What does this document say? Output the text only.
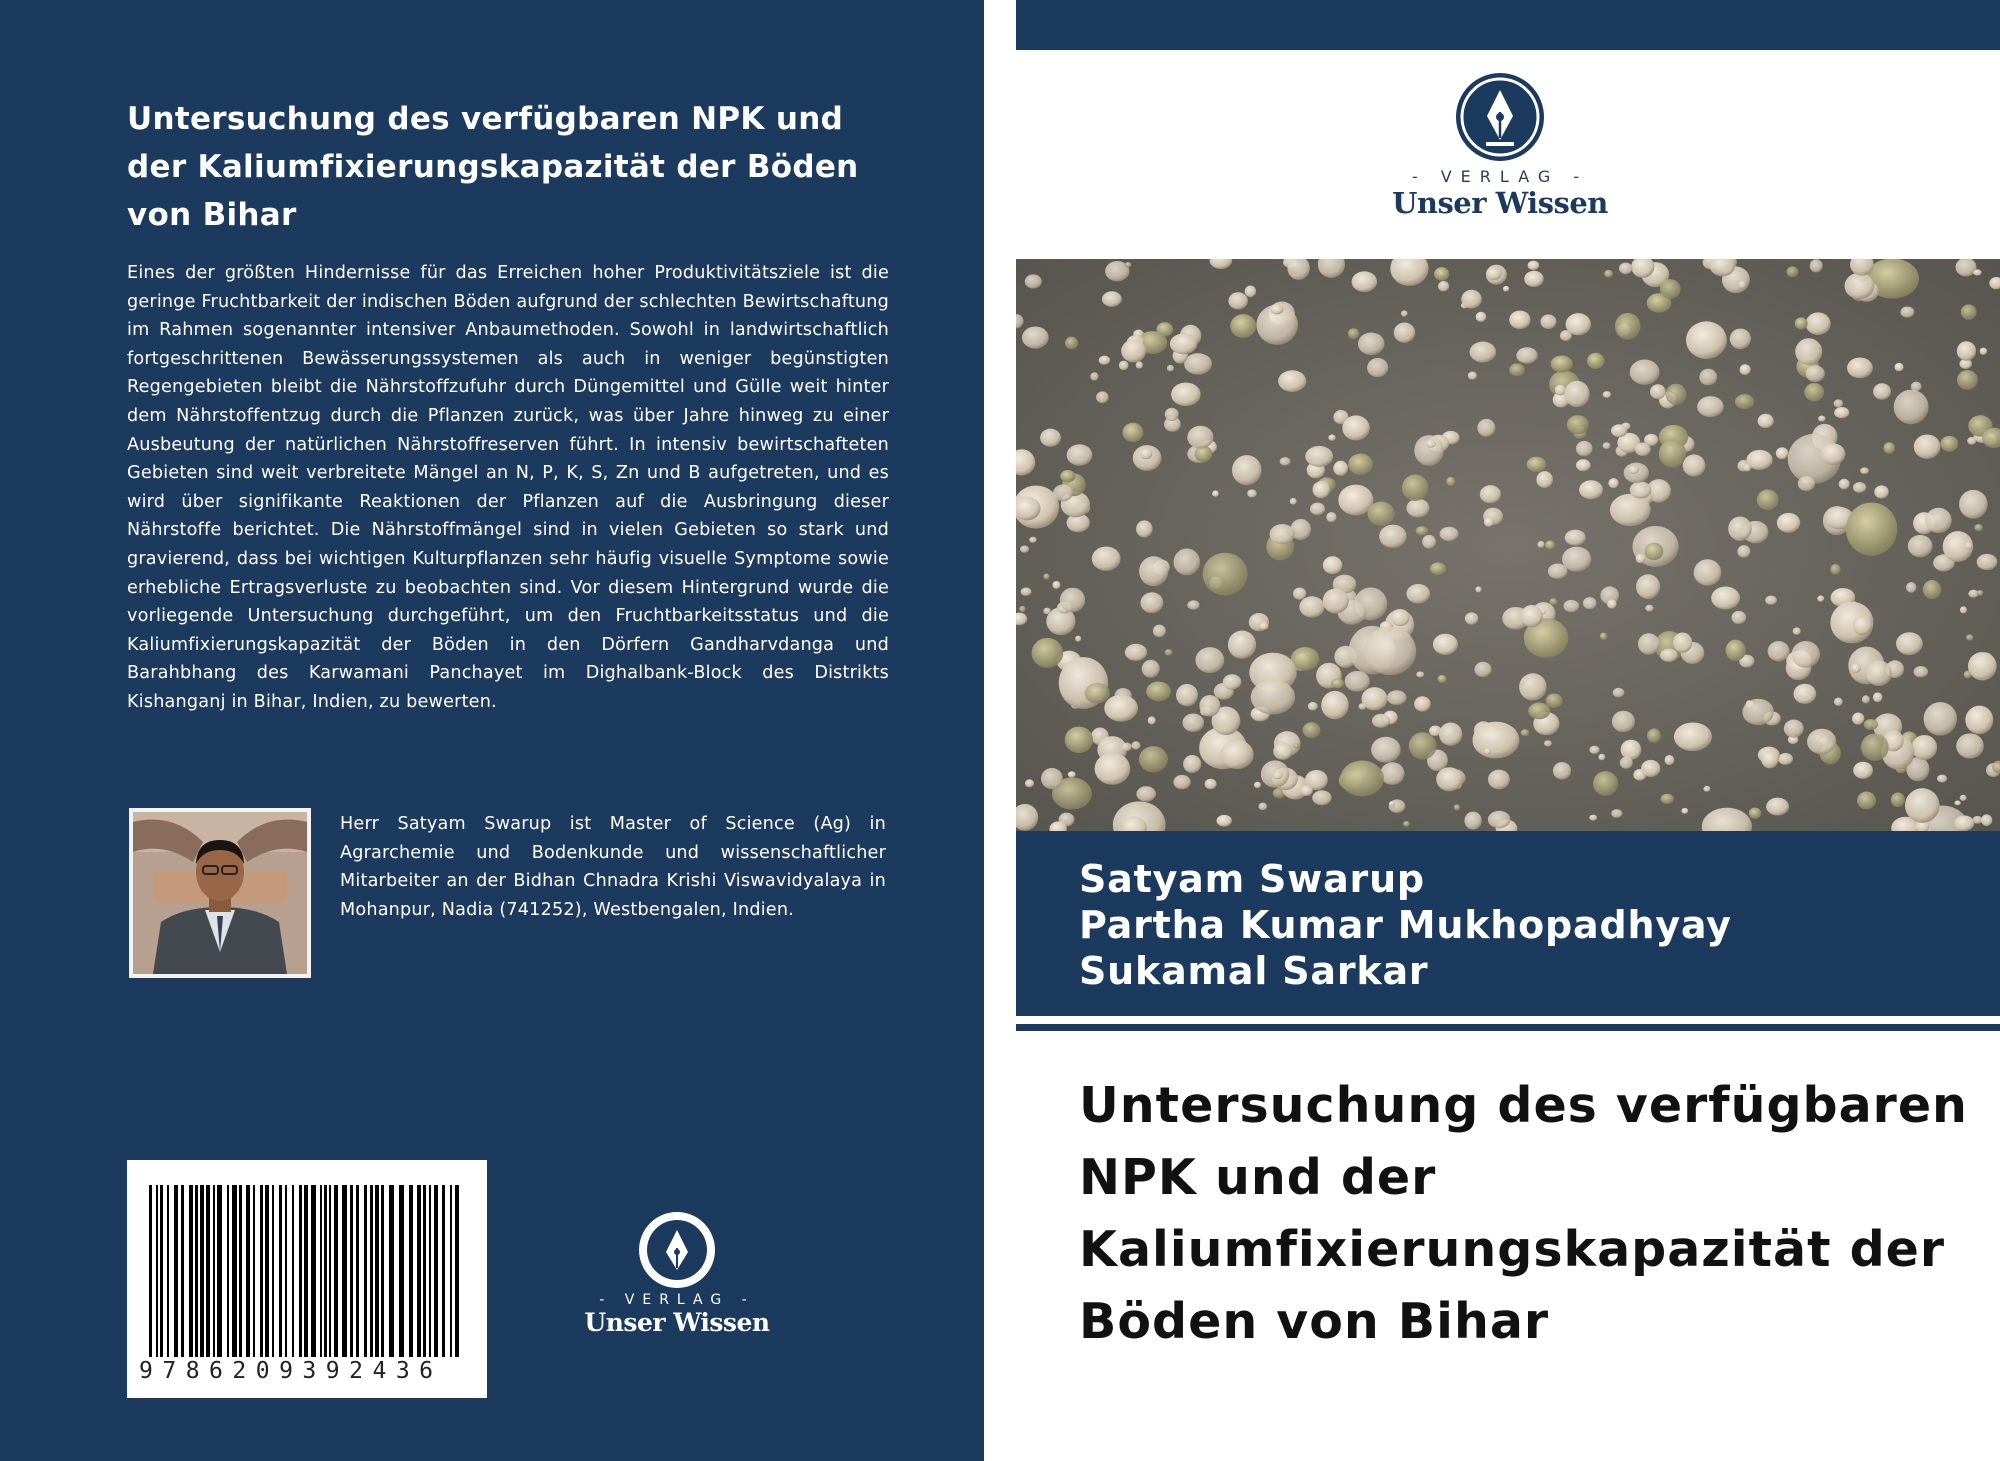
Untersuchung des verfügbaren NPK und der Kaliumfixierungskapazität der Böden von Bihar

Eines der größten Hindernisse für das Erreichen hoher Produktivitätsziele ist die geringe Fruchtbarkeit der indischen Böden aufgrund der schlechten Bewirtschaftung im Rahmen sogenannter intensiver Anbaumethoden. Sowohl in landwirtschaftlich fortgeschrittenen Bewässerungssystemen als auch in weniger begünstigten Regengebieten bleibt die Nährstoffzufuhr durch Düngemittel und Gülle weit hinter dem Nährstoffentzug durch die Pflanzen zurück, was über Jahre hinweg zu einer Ausbeutung der natürlichen Nährstoffreserven führt. In intensiv bewirtschafteten Gebieten sind weit verbreitete Mängel an N, P, K, S, Zn und B aufgetreten, und es wird über signifikante Reaktionen der Pflanzen auf die Ausbringung dieser Nährstoffe berichtet. Die Nährstoffmängel sind in vielen Gebieten so stark und gravierend, dass bei wichtigen Kulturpflanzen sehr häufig visuelle Symptome sowie erhebliche Ertragsverluste zu beobachten sind. Vor diesem Hintergrund wurde die vorliegende Untersuchung durchgeführt, um den Fruchtbarkeitsstatus und die Kaliumfixierungskapazität der Böden in den Dörfern Gandharvdanga und Barahbhang des Karwamani Panchayet im Dighalbank-Block des Distrikts Kishanganj in Bihar, Indien, zu bewerten.

Herr Satyam Swarup ist Master of Science (Ag) in Agrarchemie und Bodenkunde und wissenschaftlicher Mitarbeiter an der Bidhan Chnadra Krishi Viswavidyalaya in Mohanpur, Nadia (741252), Westbengalen, Indien.

9786209392436
- VERLAG -
Unser Wissen
- VERLAG -
Unser Wissen
Satyam Swarup
Partha Kumar Mukhopadhyay
Sukamal Sarkar
Untersuchung des verfügbaren NPK und der Kaliumfixierungskapazität der Böden von Bihar
